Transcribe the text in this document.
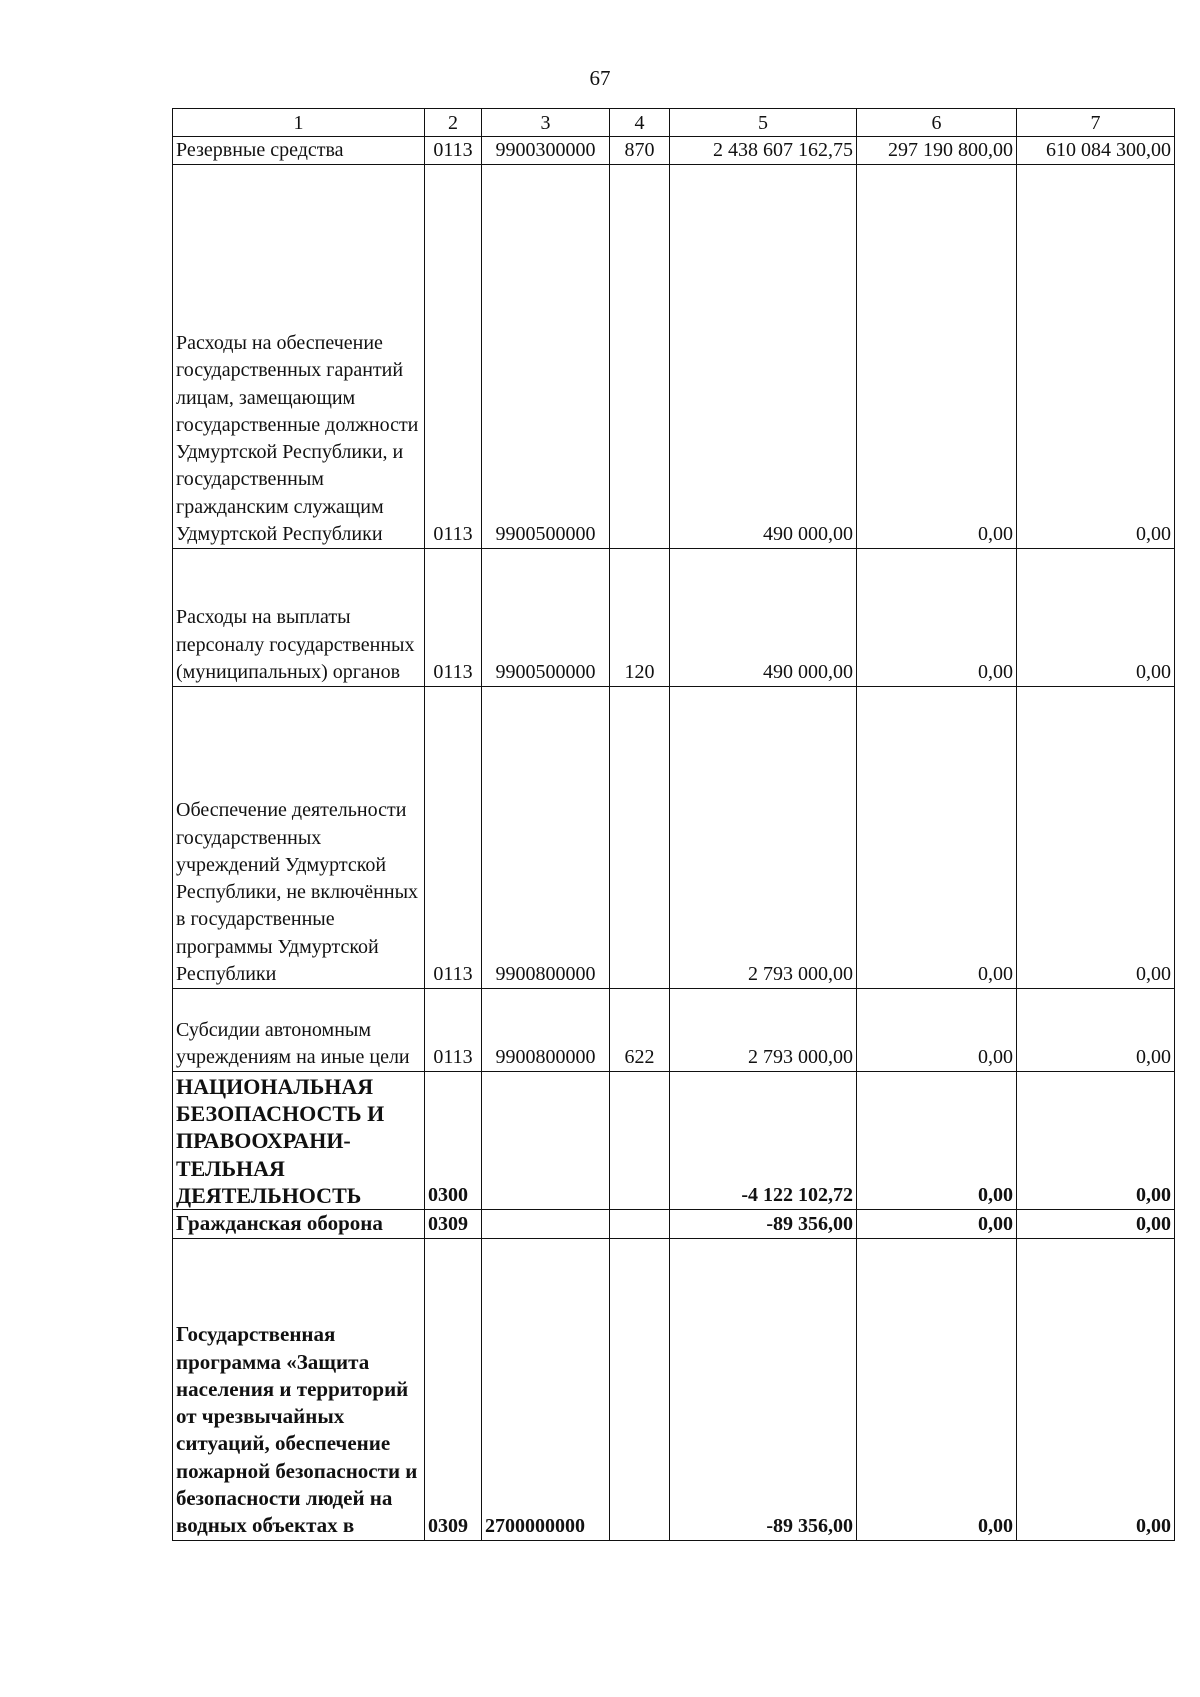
67
1	2	3	4	5	6	7
Резервные средства	0113	9900300000	870	2 438 607 162,75	297 190 800,00	610 084 300,00
Расходы на обеспечение государственных гарантий лицам, замещающим государственные должности Удмуртской Республики, и государственным гражданским служащим Удмуртской Республики	0113	9900500000		490 000,00	0,00	0,00
Расходы на выплаты персоналу государственных (муниципальных) органов	0113	9900500000	120	490 000,00	0,00	0,00
Обеспечение деятельности государственных учреждений Удмуртской Республики, не включённых в государственные программы Удмуртской Республики	0113	9900800000		2 793 000,00	0,00	0,00
Субсидии автономным учреждениям на иные цели	0113	9900800000	622	2 793 000,00	0,00	0,00
НАЦИОНАЛЬНАЯ БЕЗОПАСНОСТЬ И ПРАВООХРАНИ-ТЕЛЬНАЯ ДЕЯТЕЛЬНОСТЬ	0300			-4 122 102,72	0,00	0,00
Гражданская оборона	0309			-89 356,00	0,00	0,00
Государственная программа «Защита населения и территорий от чрезвычайных ситуаций, обеспечение пожарной безопасности и безопасности людей на водных объектах в	0309	2700000000		-89 356,00	0,00	0,00
